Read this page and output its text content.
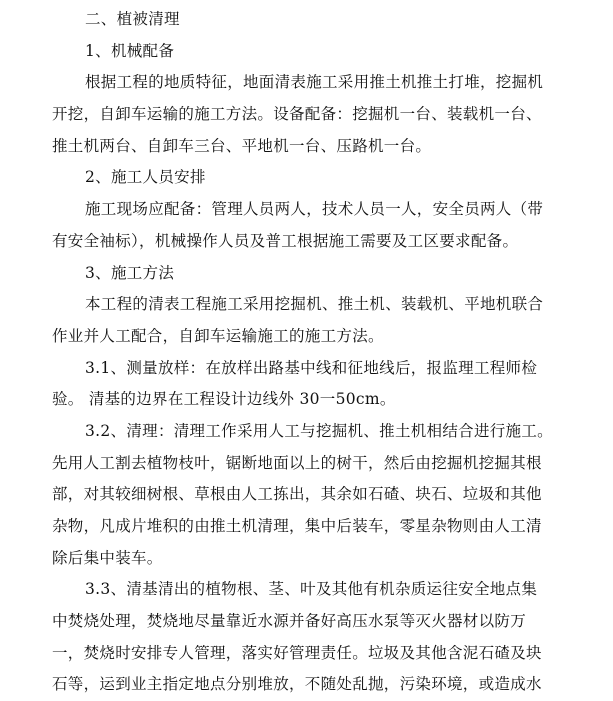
二、植被清理
1、机械配备
根据工程的地质特征，地面清表施工采用推土机推土打堆，挖掘机
开挖，自卸车运输的施工方法。设备配备：挖掘机一台、装载机一台、
推土机两台、自卸车三台、平地机一台、压路机一台。
2、施工人员安排
施工现场应配备：管理人员两人，技术人员一人，安全员两人（带
有安全袖标），机械操作人员及普工根据施工需要及工区要求配备。
3、施工方法
本工程的清表工程施工采用挖掘机、推土机、装载机、平地机联合
作业并人工配合，自卸车运输施工的施工方法。
3.1、测量放样：在放样出路基中线和征地线后，报监理工程师检
验。 清基的边界在工程设计边线外 30一50cm。
3.2、清理：清理工作采用人工与挖掘机、推土机相结合进行施工。
先用人工割去植物枝叶，锯断地面以上的树干，然后由挖掘机挖掘其根
部，对其较细树根、草根由人工拣出，其余如石碴、块石、垃圾和其他
杂物，凡成片堆积的由推土机清理，集中后装车，零星杂物则由人工清
除后集中装车。
3.3、清基清出的植物根、茎、叶及其他有机杂质运往安全地点集
中焚烧处理，焚烧地尽量靠近水源并备好高压水泵等灭火器材以防万
一，焚烧时安排专人管理，落实好管理责任。垃圾及其他含泥石碴及块
石等，运到业主指定地点分别堆放，不随处乱抛，污染环境，或造成水
